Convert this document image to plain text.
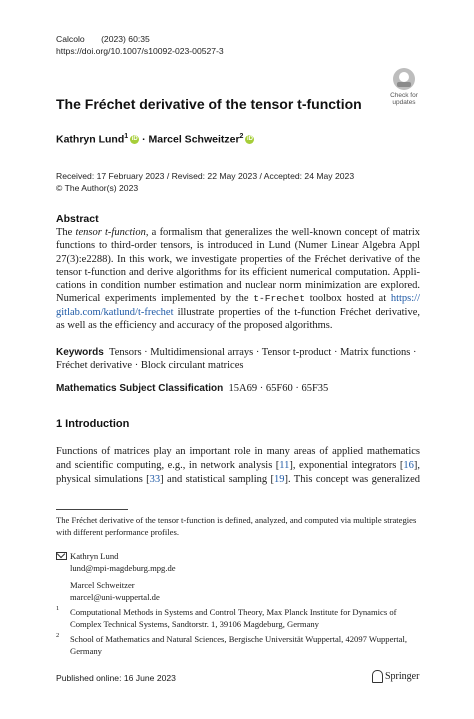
Calcolo (2023) 60:35
https://doi.org/10.1007/s10092-023-00527-3
Check for
updates
The Fréchet derivative of the tensor t-function
Kathryn Lund$^1$ iD · Marcel Schweitzer$^2$ iD
Received: 17 February 2023 / Revised: 22 May 2023 / Accepted: 24 May 2023
© The Author(s) 2023
Abstract
The tensor t-function, a formalism that generalizes the well-known concept of matrix
functions to third-order tensors, is introduced in Lund (Numer Linear Algebra Appl
27(3):e2288). In this work, we investigate properties of the Fréchet derivative of the
tensor t-function and derive algorithms for its efficient numerical computation. Appli-
cations in condition number estimation and nuclear norm minimization are explored.
Numerical experiments implemented by the t-Frechet toolbox hosted at https://
gitlab.com/katlund/t-frechet illustrate properties of the t-function Fréchet derivative,
as well as the efficiency and accuracy of the proposed algorithms.
Keywords Tensors · Multidimensional arrays · Tensor t-product · Matrix functions ·
Fréchet derivative · Block circulant matrices
Mathematics Subject Classification 15A69 · 65F60 · 65F35
1 Introduction
Functions of matrices play an important role in many areas of applied mathematics
and scientific computing, e.g., in network analysis [11], exponential integrators [16],
physical simulations [33] and statistical sampling [19]. This concept was generalized
The Fréchet derivative of the tensor t-function is defined, analyzed, and computed via multiple strategies
with different performance profiles.
Kathryn Lund
lund@mpi-magdeburg.mpg.de
Marcel Schweitzer
marcel@uni-wuppertal.de
1 Computational Methods in Systems and Control Theory, Max Planck Institute for Dynamics of
Complex Technical Systems, Sandtorstr. 1, 39106 Magdeburg, Germany
2 School of Mathematics and Natural Sciences, Bergische Universität Wuppertal, 42097 Wuppertal,
Germany
Published online: 16 June 2023	Springer
